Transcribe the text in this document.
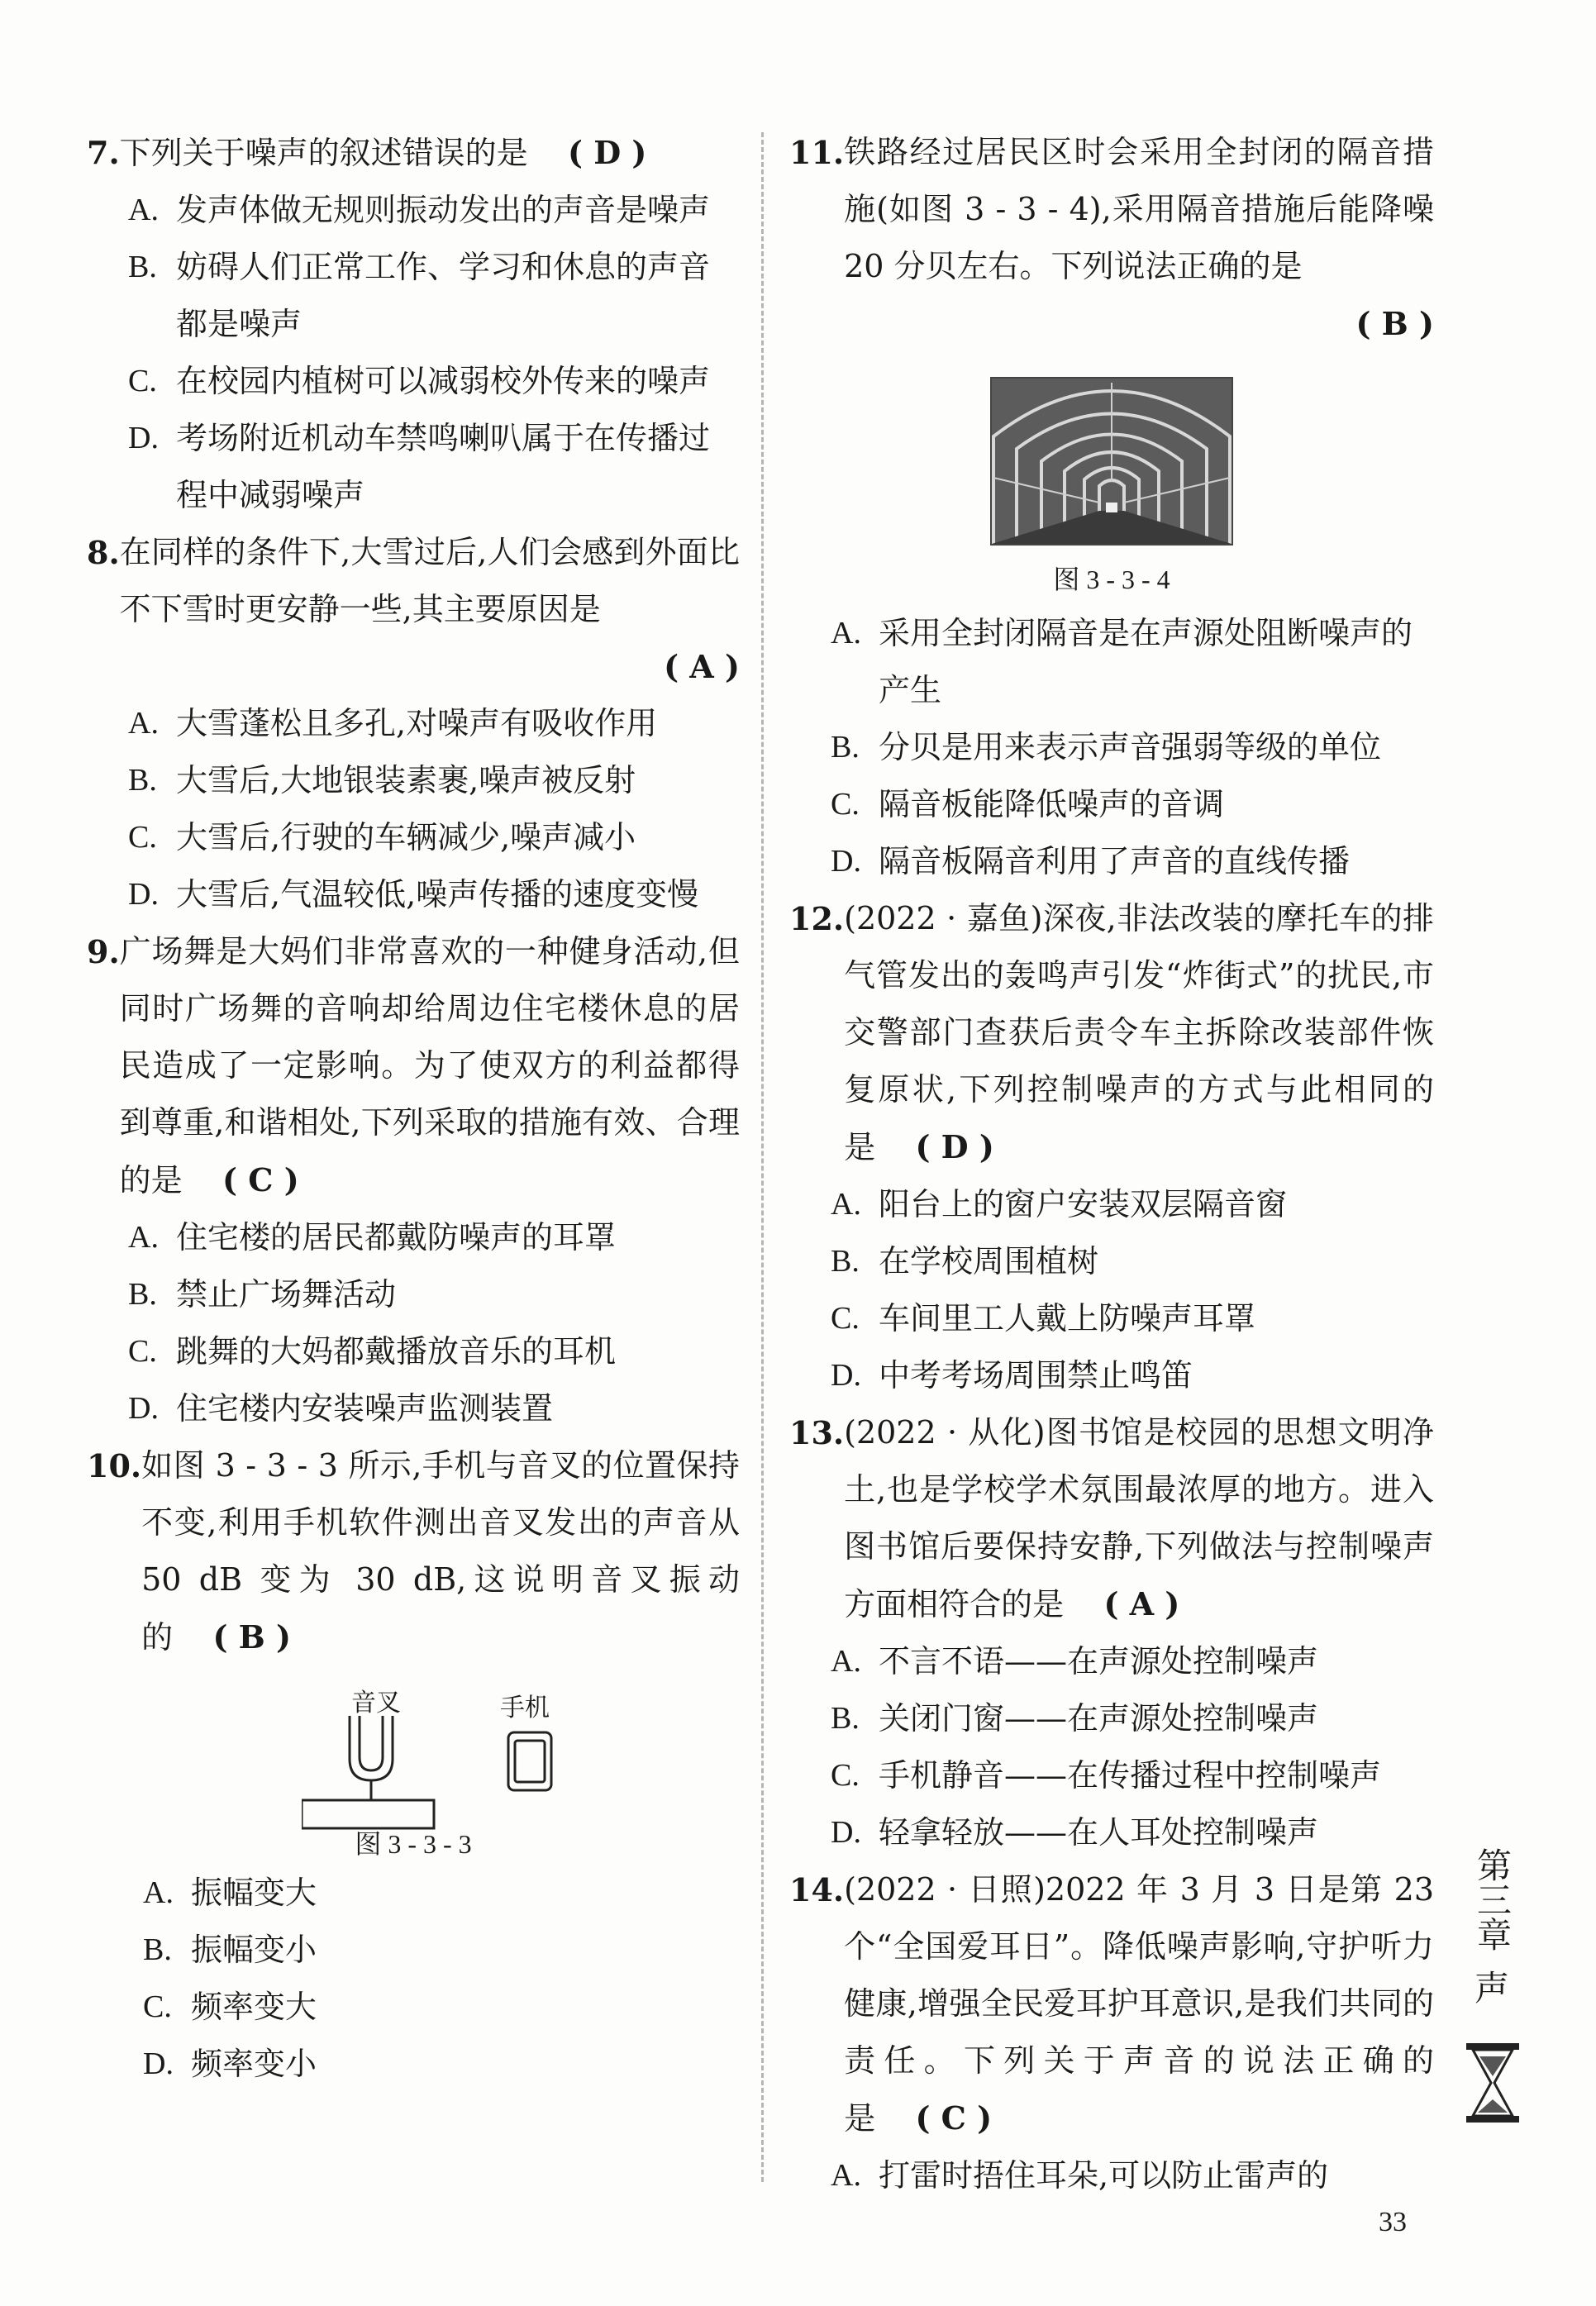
7. 下列关于噪声的叙述错误的是 ( D )
A. 发声体做无规则振动发出的声音是噪声
B. 妨碍人们正常工作、学习和休息的声音都是噪声
C. 在校园内植树可以减弱校外传来的噪声
D. 考场附近机动车禁鸣喇叭属于在传播过程中减弱噪声
8. 在同样的条件下,大雪过后,人们会感到外面比不下雪时更安静一些,其主要原因是
( A )
A. 大雪蓬松且多孔,对噪声有吸收作用
B. 大雪后,大地银装素裹,噪声被反射
C. 大雪后,行驶的车辆减少,噪声减小
D. 大雪后,气温较低,噪声传播的速度变慢
9. 广场舞是大妈们非常喜欢的一种健身活动,但同时广场舞的音响却给周边住宅楼休息的居民造成了一定影响。为了使双方的利益都得到尊重,和谐相处,下列采取的措施有效、合理的是 ( C )
A. 住宅楼的居民都戴防噪声的耳罩
B. 禁止广场舞活动
C. 跳舞的大妈都戴播放音乐的耳机
D. 住宅楼内安装噪声监测装置
10. 如图 3 - 3 - 3 所示,手机与音叉的位置保持不变,利用手机软件测出音叉发出的声音从 50 dB 变为 30 dB,这说明音叉振动的 ( B )
音叉	手机
图 3 - 3 - 3
A. 振幅变大
B. 振幅变小
C. 频率变大
D. 频率变小
11. 铁路经过居民区时会采用全封闭的隔音措施(如图 3 - 3 - 4),采用隔音措施后能降噪 20 分贝左右。下列说法正确的是
( B )
图 3 - 3 - 4
A. 采用全封闭隔音是在声源处阻断噪声的产生
B. 分贝是用来表示声音强弱等级的单位
C. 隔音板能降低噪声的音调
D. 隔音板隔音利用了声音的直线传播
12. (2022 · 嘉鱼)深夜,非法改装的摩托车的排气管发出的轰鸣声引发“炸街式”的扰民,市交警部门查获后责令车主拆除改装部件恢复原状,下列控制噪声的方式与此相同的是 ( D )
A. 阳台上的窗户安装双层隔音窗
B. 在学校周围植树
C. 车间里工人戴上防噪声耳罩
D. 中考考场周围禁止鸣笛
13. (2022 · 从化)图书馆是校园的思想文明净土,也是学校学术氛围最浓厚的地方。进入图书馆后要保持安静,下列做法与控制噪声方面相符合的是 ( A )
A. 不言不语——在声源处控制噪声
B. 关闭门窗——在声源处控制噪声
C. 手机静音——在传播过程中控制噪声
D. 轻拿轻放——在人耳处控制噪声
14. (2022 · 日照)2022 年 3 月 3 日是第 23 个“全国爱耳日”。降低噪声影响,守护听力健康,增强全民爱耳护耳意识,是我们共同的责任。下列关于声音的说法正确的是 ( C )
A. 打雷时捂住耳朵,可以防止雷声的
第三章
声
33
